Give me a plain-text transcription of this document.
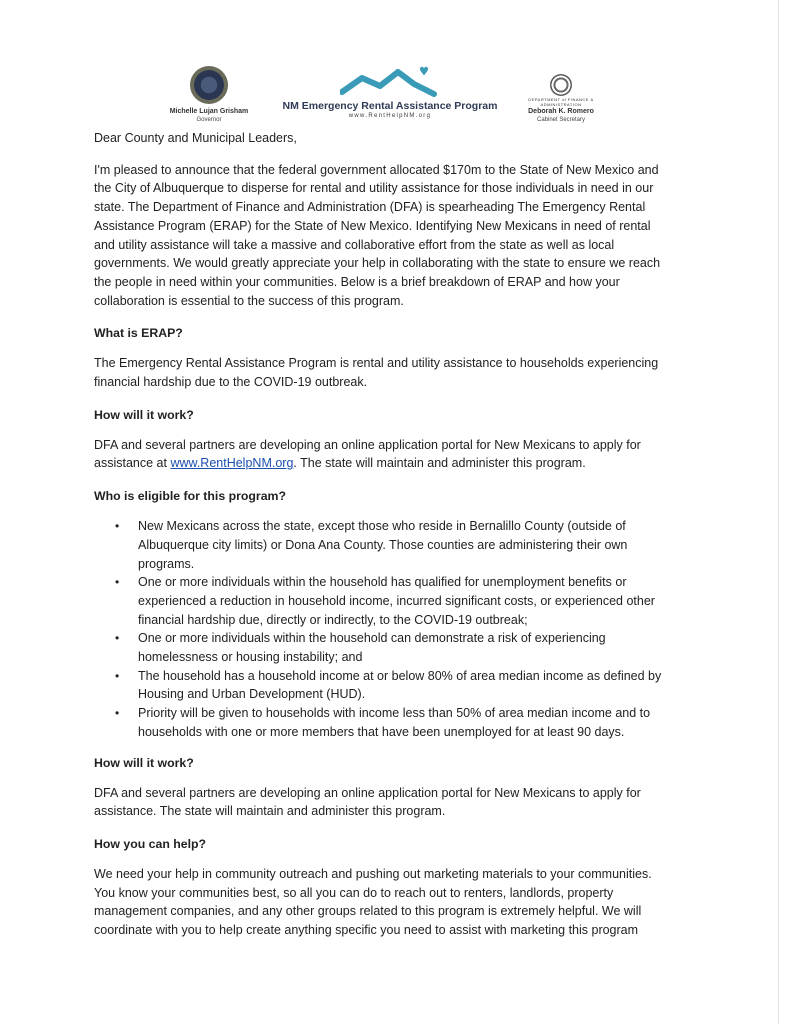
Michelle Lujan Grisham
Governor
NM Emergency Rental Assistance Program
www.RentHelpNM.org
DEPARTMENT of FINANCE & ADMINISTRATION
Deborah K. Romero
Cabinet Secretary

Dear County and Municipal Leaders,

I'm pleased to announce that the federal government allocated $170m to the State of New Mexico and the City of Albuquerque to disperse for rental and utility assistance for those individuals in need in our state. The Department of Finance and Administration (DFA) is spearheading The Emergency Rental Assistance Program (ERAP) for the State of New Mexico. Identifying New Mexicans in need of rental and utility assistance will take a massive and collaborative effort from the state as well as local governments. We would greatly appreciate your help in collaborating with the state to ensure we reach the people in need within your communities. Below is a brief breakdown of ERAP and how your collaboration is essential to the success of this program.

What is ERAP?

The Emergency Rental Assistance Program is rental and utility assistance to households experiencing financial hardship due to the COVID-19 outbreak.

How will it work?

DFA and several partners are developing an online application portal for New Mexicans to apply for assistance at www.RentHelpNM.org. The state will maintain and administer this program.

Who is eligible for this program?
• New Mexicans across the state, except those who reside in Bernalillo County (outside of Albuquerque city limits) or Dona Ana County. Those counties are administering their own programs.
• One or more individuals within the household has qualified for unemployment benefits or experienced a reduction in household income, incurred significant costs, or experienced other financial hardship due, directly or indirectly, to the COVID-19 outbreak;
• One or more individuals within the household can demonstrate a risk of experiencing homelessness or housing instability; and
• The household has a household income at or below 80% of area median income as defined by Housing and Urban Development (HUD).
• Priority will be given to households with income less than 50% of area median income and to households with one or more members that have been unemployed for at least 90 days.
How will it work?

DFA and several partners are developing an online application portal for New Mexicans to apply for assistance. The state will maintain and administer this program.

How you can help?

We need your help in community outreach and pushing out marketing materials to your communities. You know your communities best, so all you can do to reach out to renters, landlords, property management companies, and any other groups related to this program is extremely helpful. We will coordinate with you to help create anything specific you need to assist with marketing this program
